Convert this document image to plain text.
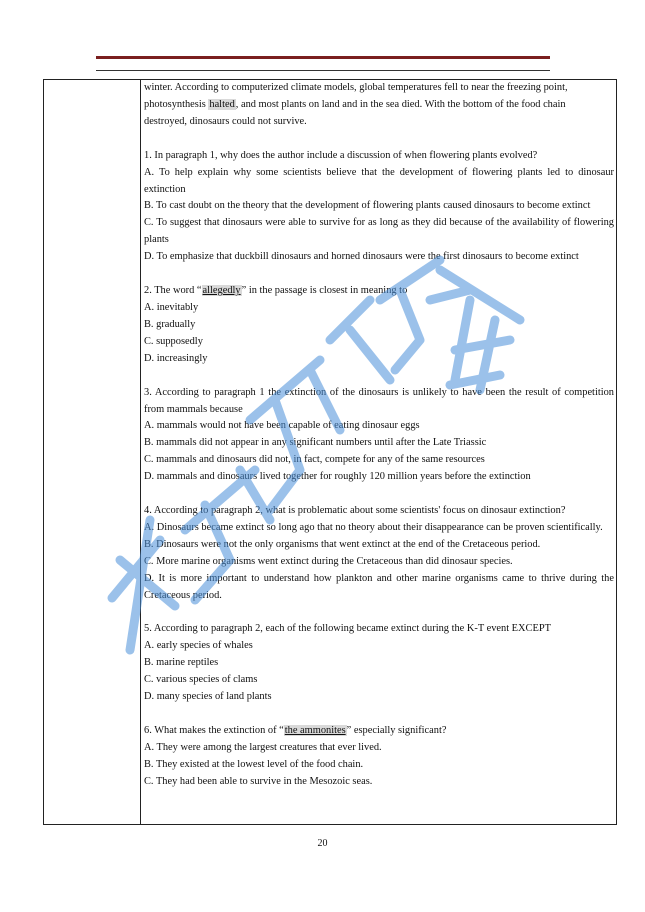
winter. According to computerized climate models, global temperatures fell to near the freezing point,

photosynthesis halted, and most plants on land and in the sea died. With the bottom of the food chain

destroyed, dinosaurs could not survive.

1. In paragraph 1, why does the author include a discussion of when flowering plants evolved?

A. To help explain why some scientists believe that the development of flowering plants led to dinosaur extinction

B. To cast doubt on the theory that the development of flowering plants caused dinosaurs to become extinct

C. To suggest that dinosaurs were able to survive for as long as they did because of the availability of flowering plants

D. To emphasize that duckbill dinosaurs and horned dinosaurs were the first dinosaurs to become extinct

2. The word “allegedly” in the passage is closest in meaning to

A. inevitably

B. gradually

C. supposedly

D. increasingly

3. According to paragraph 1 the extinction of the dinosaurs is unlikely to have been the result of competition from mammals because

A. mammals would not have been capable of eating dinosaur eggs

B. mammals did not appear in any significant numbers until after the Late Triassic

C. mammals and dinosaurs did not, in fact, compete for any of the same resources

D. mammals and dinosaurs lived together for roughly 120 million years before the extinction

4. According to paragraph 2, what is problematic about some scientists' focus on dinosaur extinction?

A. Dinosaurs became extinct so long ago that no theory about their disappearance can be proven scientifically.

B. Dinosaurs were not the only organisms that went extinct at the end of the Cretaceous period.

C. More marine organisms went extinct during the Cretaceous than did dinosaur species.

D. It is more important to understand how plankton and other marine organisms came to thrive during the Cretaceous period.

5. According to paragraph 2, each of the following became extinct during the K-T event EXCEPT

A. early species of whales

B. marine reptiles

C. various species of clams

D. many species of land plants

6. What makes the extinction of “the ammonites” especially significant?

A. They were among the largest creatures that ever lived.

B. They existed at the lowest level of the food chain.

C. They had been able to survive in the Mesozoic seas.

20
